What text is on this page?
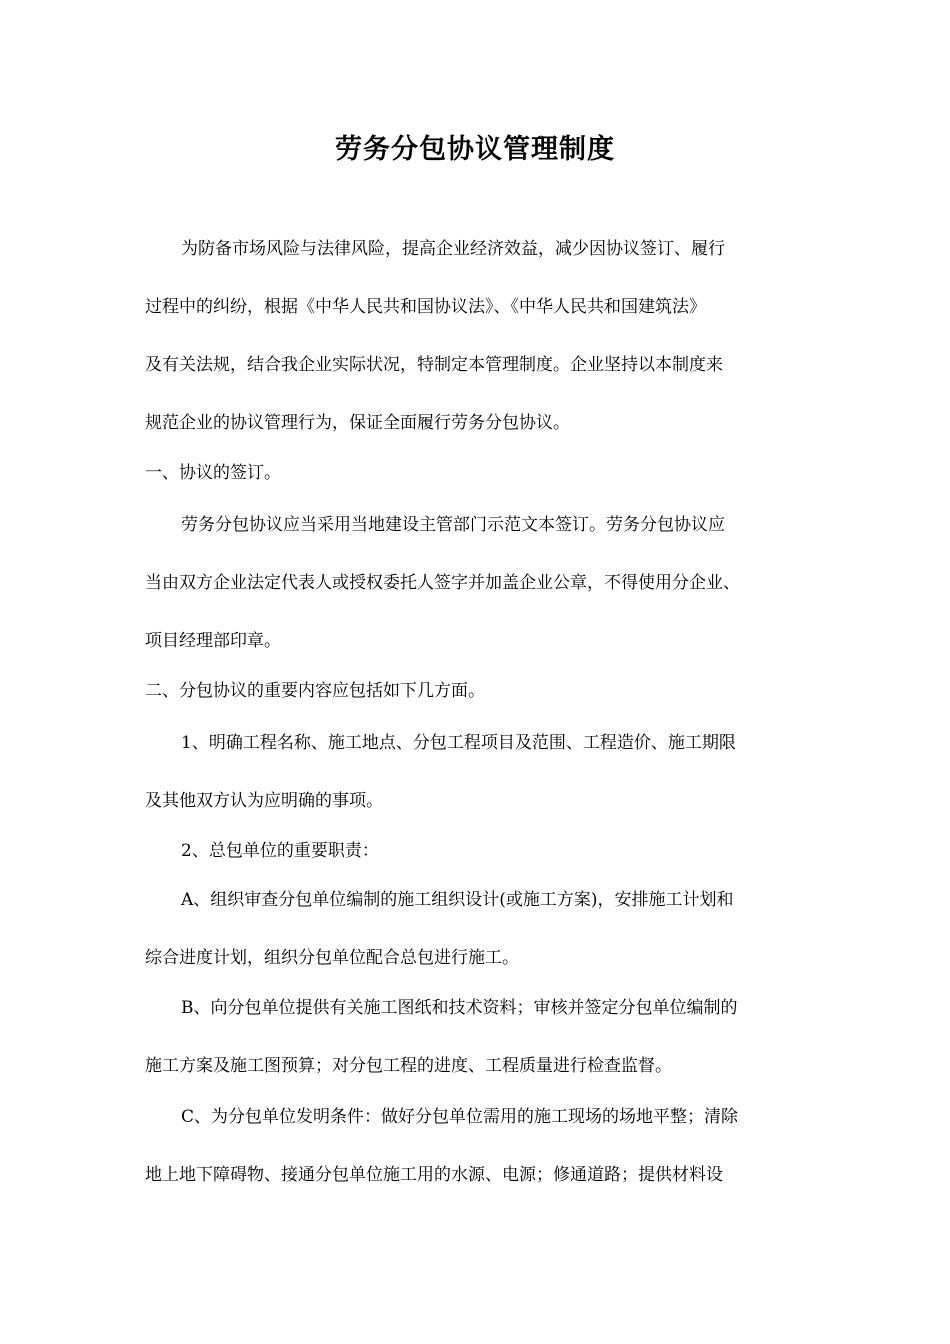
劳务分包协议管理制度
为防备市场风险与法律风险，提高企业经济效益，减少因协议签订、履行
过程中的纠纷，根据《中华人民共和国协议法》、《中华人民共和国建筑法》
及有关法规，结合我企业实际状况，特制定本管理制度。企业坚持以本制度来
规范企业的协议管理行为，保证全面履行劳务分包协议。
一、协议的签订。
劳务分包协议应当采用当地建设主管部门示范文本签订。劳务分包协议应
当由双方企业法定代表人或授权委托人签字并加盖企业公章，不得使用分企业、
项目经理部印章。
二、分包协议的重要内容应包括如下几方面。
1、明确工程名称、施工地点、分包工程项目及范围、工程造价、施工期限
及其他双方认为应明确的事项。
2、总包单位的重要职责：
A、组织审查分包单位编制的施工组织设计(或施工方案)，安排施工计划和
综合进度计划，组织分包单位配合总包进行施工。
B、向分包单位提供有关施工图纸和技术资料；审核并签定分包单位编制的
施工方案及施工图预算；对分包工程的进度、工程质量进行检查监督。
C、为分包单位发明条件：做好分包单位需用的施工现场的场地平整；清除
地上地下障碍物、接通分包单位施工用的水源、电源；修通道路；提供材料设
